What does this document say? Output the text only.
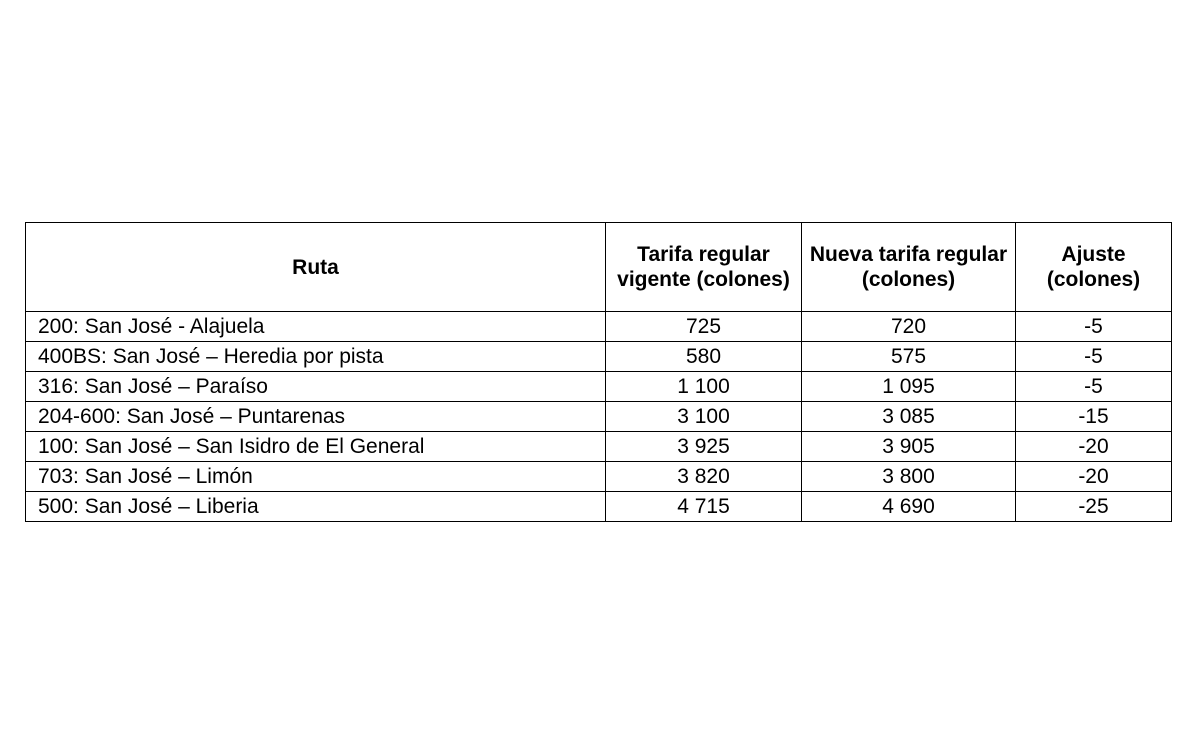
Ruta	Tarifa regular vigente (colones)	Nueva tarifa regular (colones)	Ajuste (colones)
200: San José - Alajuela	725	720	-5
400BS: San José – Heredia por pista	580	575	-5
316: San José – Paraíso	1 100	1 095	-5
204-600: San José – Puntarenas	3 100	3 085	-15
100: San José – San Isidro de El General	3 925	3 905	-20
703: San José – Limón	3 820	3 800	-20
500: San José – Liberia	4 715	4 690	-25
